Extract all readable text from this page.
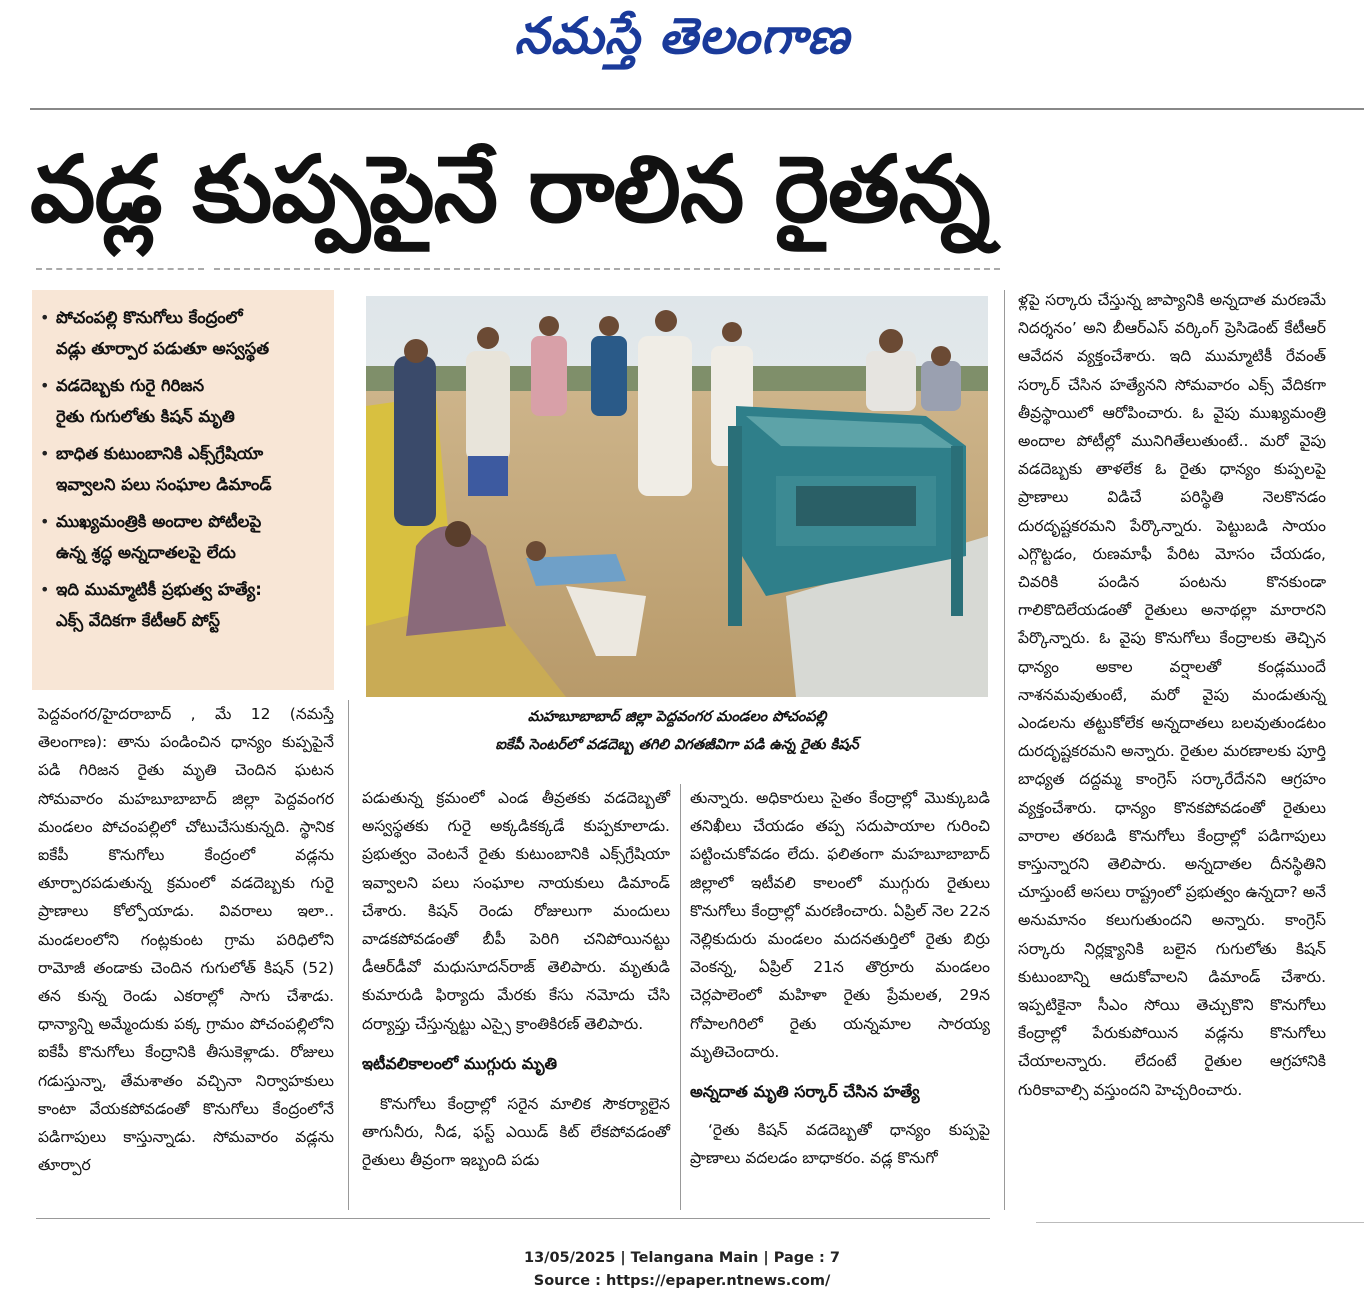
నమస్తే తెలంగాణ
వడ్ల కుప్పపైనే రాలిన రైతన్న
• పోచంపల్లి కొనుగోలు కేంద్రంలో
వడ్లు తూర్పార పడుతూ అస్వస్థత
• వడదెబ్బకు గురై గిరిజన
రైతు గుగులోతు కిషన్ మృతి
• బాధిత కుటుంబానికి ఎక్స్‌గ్రేషియా
ఇవ్వాలని పలు సంఘాల డిమాండ్
• ముఖ్యమంత్రికి అందాల పోటీలపై
ఉన్న శ్రద్ధ అన్నదాతలపై లేదు
• ఇది ముమ్మాటికీ ప్రభుత్వ హత్యే:
ఎక్స్ వేదికగా కేటీఆర్ పోస్ట్
మహబూబాబాద్ జిల్లా పెద్దవంగర మండలం పోచంపల్లి
ఐకేపీ సెంటర్‌లో వడదెబ్బ తగిలి విగతజీవిగా పడి ఉన్న రైతు కిషన్

పెద్దవంగర/హైదరాబాద్ , మే 12 (నమస్తే తెలంగాణ): తాను పండించిన ధాన్యం కుప్పపైనే పడి గిరిజన రైతు మృతి చెందిన ఘటన సోమవారం మహబూబాబాద్ జిల్లా పెద్దవంగర మండలం పోచంపల్లిలో చోటుచేసుకున్నది. స్థానిక ఐకేపీ కొనుగోలు కేంద్రంలో వడ్లను తూర్పారపడుతున్న క్రమంలో వడదెబ్బకు గురై ప్రాణాలు కోల్పోయాడు. వివరాలు ఇలా.. మండలంలోని గంట్లకుంట గ్రామ పరిధిలోని రామోజీ తండాకు చెందిన గుగులోత్ కిషన్ (52) తన కున్న రెండు ఎకరాల్లో సాగు చేశాడు. ధాన్యాన్ని అమ్మేందుకు పక్క గ్రామం పోచంపల్లిలోని ఐకేపీ కొనుగోలు కేంద్రానికి తీసుకెళ్లాడు. రోజులు గడుస్తున్నా, తేమశాతం వచ్చినా నిర్వాహకులు కాంటా వేయకపోవడంతో కొనుగోలు కేంద్రంలోనే పడిగాపులు కాస్తున్నాడు. సోమవారం వడ్లను తూర్పార

పడుతున్న క్రమంలో ఎండ తీవ్రతకు వడదెబ్బతో అస్వస్థతకు గురై అక్కడికక్కడే కుప్పకూలాడు. ప్రభుత్వం వెంటనే రైతు కుటుంబానికి ఎక్స్‌గ్రేషియా ఇవ్వాలని పలు సంఘాల నాయకులు డిమాండ్ చేశారు. కిషన్ రెండు రోజులుగా మందులు వాడకపోవడంతో బీపీ పెరిగి చనిపోయినట్టు డీఆర్‌డీవో మధుసూదన్‌రాజ్ తెలిపారు. మృతుడి కుమారుడి ఫిర్యాదు మేరకు కేసు నమోదు చేసి దర్యాప్తు చేస్తున్నట్టు ఎస్సై క్రాంతికిరణ్ తెలిపారు.

ఇటీవలికాలంలో ముగ్గురు మృతి

కొనుగోలు కేంద్రాల్లో సరైన మాలిక సౌకర్యాలైన తాగునీరు, నీడ, ఫస్ట్ ఎయిడ్ కిట్ లేకపోవడంతో రైతులు తీవ్రంగా ఇబ్బంది పడు

తున్నారు. అధికారులు సైతం కేంద్రాల్లో మొక్కుబడి తనిఖీలు చేయడం తప్ప సదుపాయాల గురించి పట్టించుకోవడం లేదు. ఫలితంగా మహబూబాబాద్ జిల్లాలో ఇటీవలి కాలంలో ముగ్గురు రైతులు కొనుగోలు కేంద్రాల్లో మరణించారు. ఏప్రిల్ నెల 22న నెల్లికుదురు మండలం మదనతుర్తిలో రైతు బిర్రు వెంకన్న, ఏప్రిల్ 21న తొర్రూరు మండలం చెర్లపాలెంలో మహిళా రైతు ప్రేమలత, 29న గోపాలగిరిలో రైతు యన్నమాల సారయ్య మృతిచెందారు.

అన్నదాత మృతి సర్కార్ చేసిన హత్యే

‘రైతు కిషన్ వడదెబ్బతో ధాన్యం కుప్పపై ప్రాణాలు వదలడం బాధాకరం. వడ్ల కొనుగో

ళ్లపై సర్కారు చేస్తున్న జాప్యానికి అన్నదాత మరణమే నిదర్శనం’ అని బీఆర్ఎస్ వర్కింగ్ ప్రెసిడెంట్ కేటీఆర్ ఆవేదన వ్యక్తంచేశారు. ఇది ముమ్మాటికీ రేవంత్ సర్కార్ చేసిన హత్యేనని సోమవారం ఎక్స్ వేదికగా తీవ్రస్థాయిలో ఆరోపించారు. ఓ వైపు ముఖ్యమంత్రి అందాల పోటీల్లో మునిగితేలుతుంటే.. మరో వైపు వడదెబ్బకు తాళలేక ఓ రైతు ధాన్యం కుప్పలపై ప్రాణాలు విడిచే పరిస్థితి నెలకొనడం దురదృష్టకరమని పేర్కొన్నారు. పెట్టుబడి సాయం ఎగ్గొట్టడం, రుణమాఫీ పేరిట మోసం చేయడం, చివరికి పండిన పంటను కొనకుండా గాలికొదిలేయడంతో రైతులు అనాథల్లా మారారని పేర్కొన్నారు. ఓ వైపు కొనుగోలు కేంద్రాలకు తెచ్చిన ధాన్యం అకాల వర్షాలతో కండ్లముందే నాశనమవుతుంటే, మరో వైపు మండుతున్న ఎండలను తట్టుకోలేక అన్నదాతలు బలవుతుండటం దురదృష్టకరమని అన్నారు. రైతుల మరణాలకు పూర్తి బాధ్యత దద్దమ్మ కాంగ్రెస్ సర్కారేదేనని ఆగ్రహం వ్యక్తంచేశారు. ధాన్యం కొనకపోవడంతో రైతులు వారాల తరబడి కొనుగోలు కేంద్రాల్లో పడిగాపులు కాస్తున్నారని తెలిపారు. అన్నదాతల దీనస్థితిని చూస్తుంటే అసలు రాష్ట్రంలో ప్రభుత్వం ఉన్నదా? అనే అనుమానం కలుగుతుందని అన్నారు. కాంగ్రెస్ సర్కారు నిర్లక్ష్యానికి బలైన గుగులోతు కిషన్ కుటుంబాన్ని ఆదుకోవాలని డిమాండ్ చేశారు. ఇప్పటికైనా సీఎం సోయి తెచ్చుకొని కొనుగోలు కేంద్రాల్లో పేరుకుపోయిన వడ్లను కొనుగోలు చేయాలన్నారు. లేదంటే రైతుల ఆగ్రహానికి గురికావాల్సి వస్తుందని హెచ్చరించారు.

13/05/2025 | Telangana Main | Page : 7
Source : https://epaper.ntnews.com/
